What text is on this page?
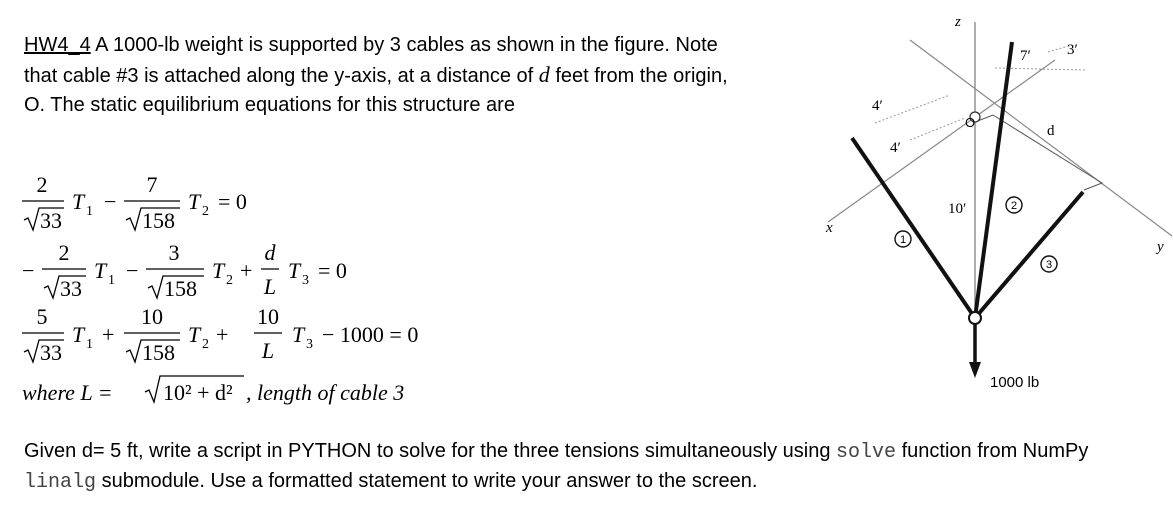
HW4_4 A 1000-lb weight is supported by 3 cables as shown in the figure. Note that cable #3 is attached along the y-axis, at a distance of d feet from the origin, O. The static equilibrium equations for this structure are

2
33
T 1 −
7
158
T 2 = 0
−
2
33
T 1 −
3
158
T 2 +
d
L
T 3 = 0
5
33
T 1 +
10
158
T 2 +
10
L
T 3 − 1000 = 0
where L = 10² + d² , length of cable 3
1
2
3
z
x
y
O
4′
4′
7′ 3′
10′
d
1000 lb

Given d= 5 ft, write a script in PYTHON to solve for the three tensions simultaneously using solve function from NumPy linalg submodule. Use a formatted statement to write your answer to the screen.
